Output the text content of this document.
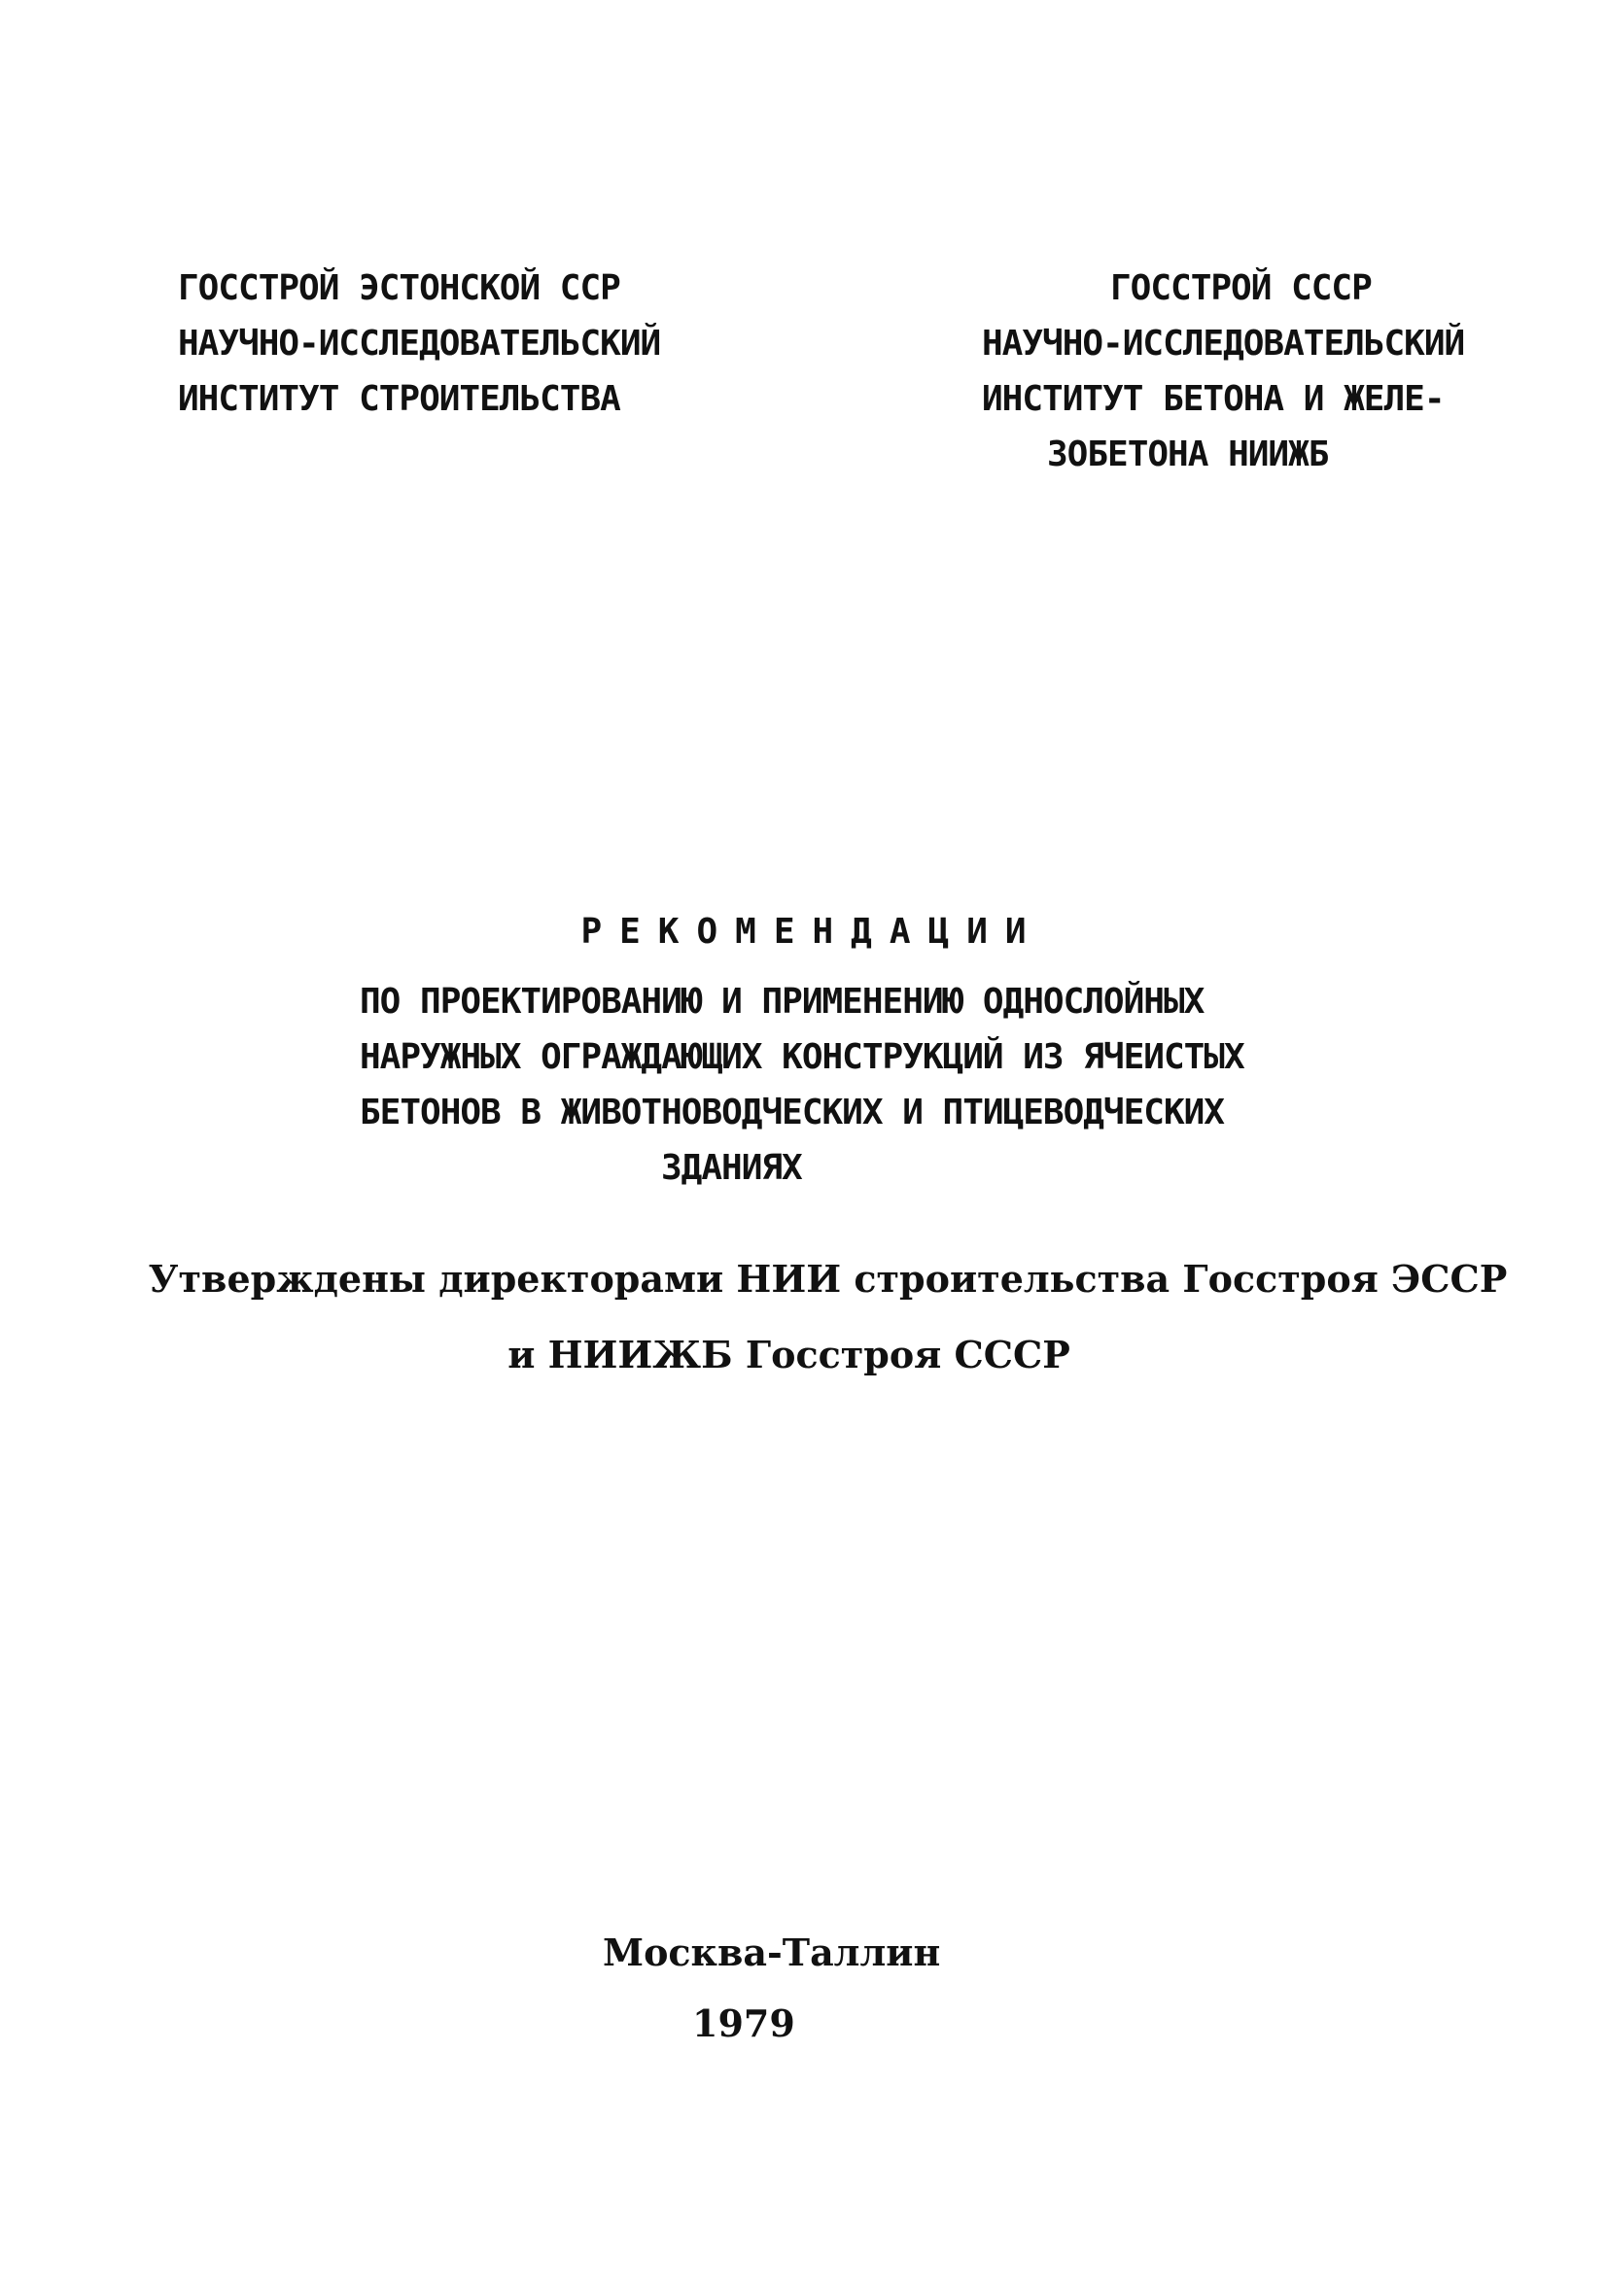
ГОССТРОЙ ЭСТОНСКОЙ ССР
НАУЧНО-ИССЛЕДОВАТЕЛЬСКИЙ
ИНСТИТУТ СТРОИТЕЛЬСТВА
ГОССТРОЙ СССР
НАУЧНО-ИССЛЕДОВАТЕЛЬСКИЙ
ИНСТИТУТ БЕТОНА И ЖЕЛЕ-
ЗОБЕТОНА НИИЖБ
РЕКОМЕНДАЦИИ
ПО ПРОЕКТИРОВАНИЮ И ПРИМЕНЕНИЮ ОДНОСЛОЙНЫХ
НАРУЖНЫХ ОГРАЖДАЮЩИХ КОНСТРУКЦИЙ ИЗ ЯЧЕИСТЫХ
БЕТОНОВ В ЖИВОТНОВОДЧЕСКИХ И ПТИЦЕВОДЧЕСКИХ
ЗДАНИЯХ
Утверждены директорами НИИ строительства Госстроя ЭССР
и НИИЖБ Госстроя СССР
Москва-Таллин
1979
